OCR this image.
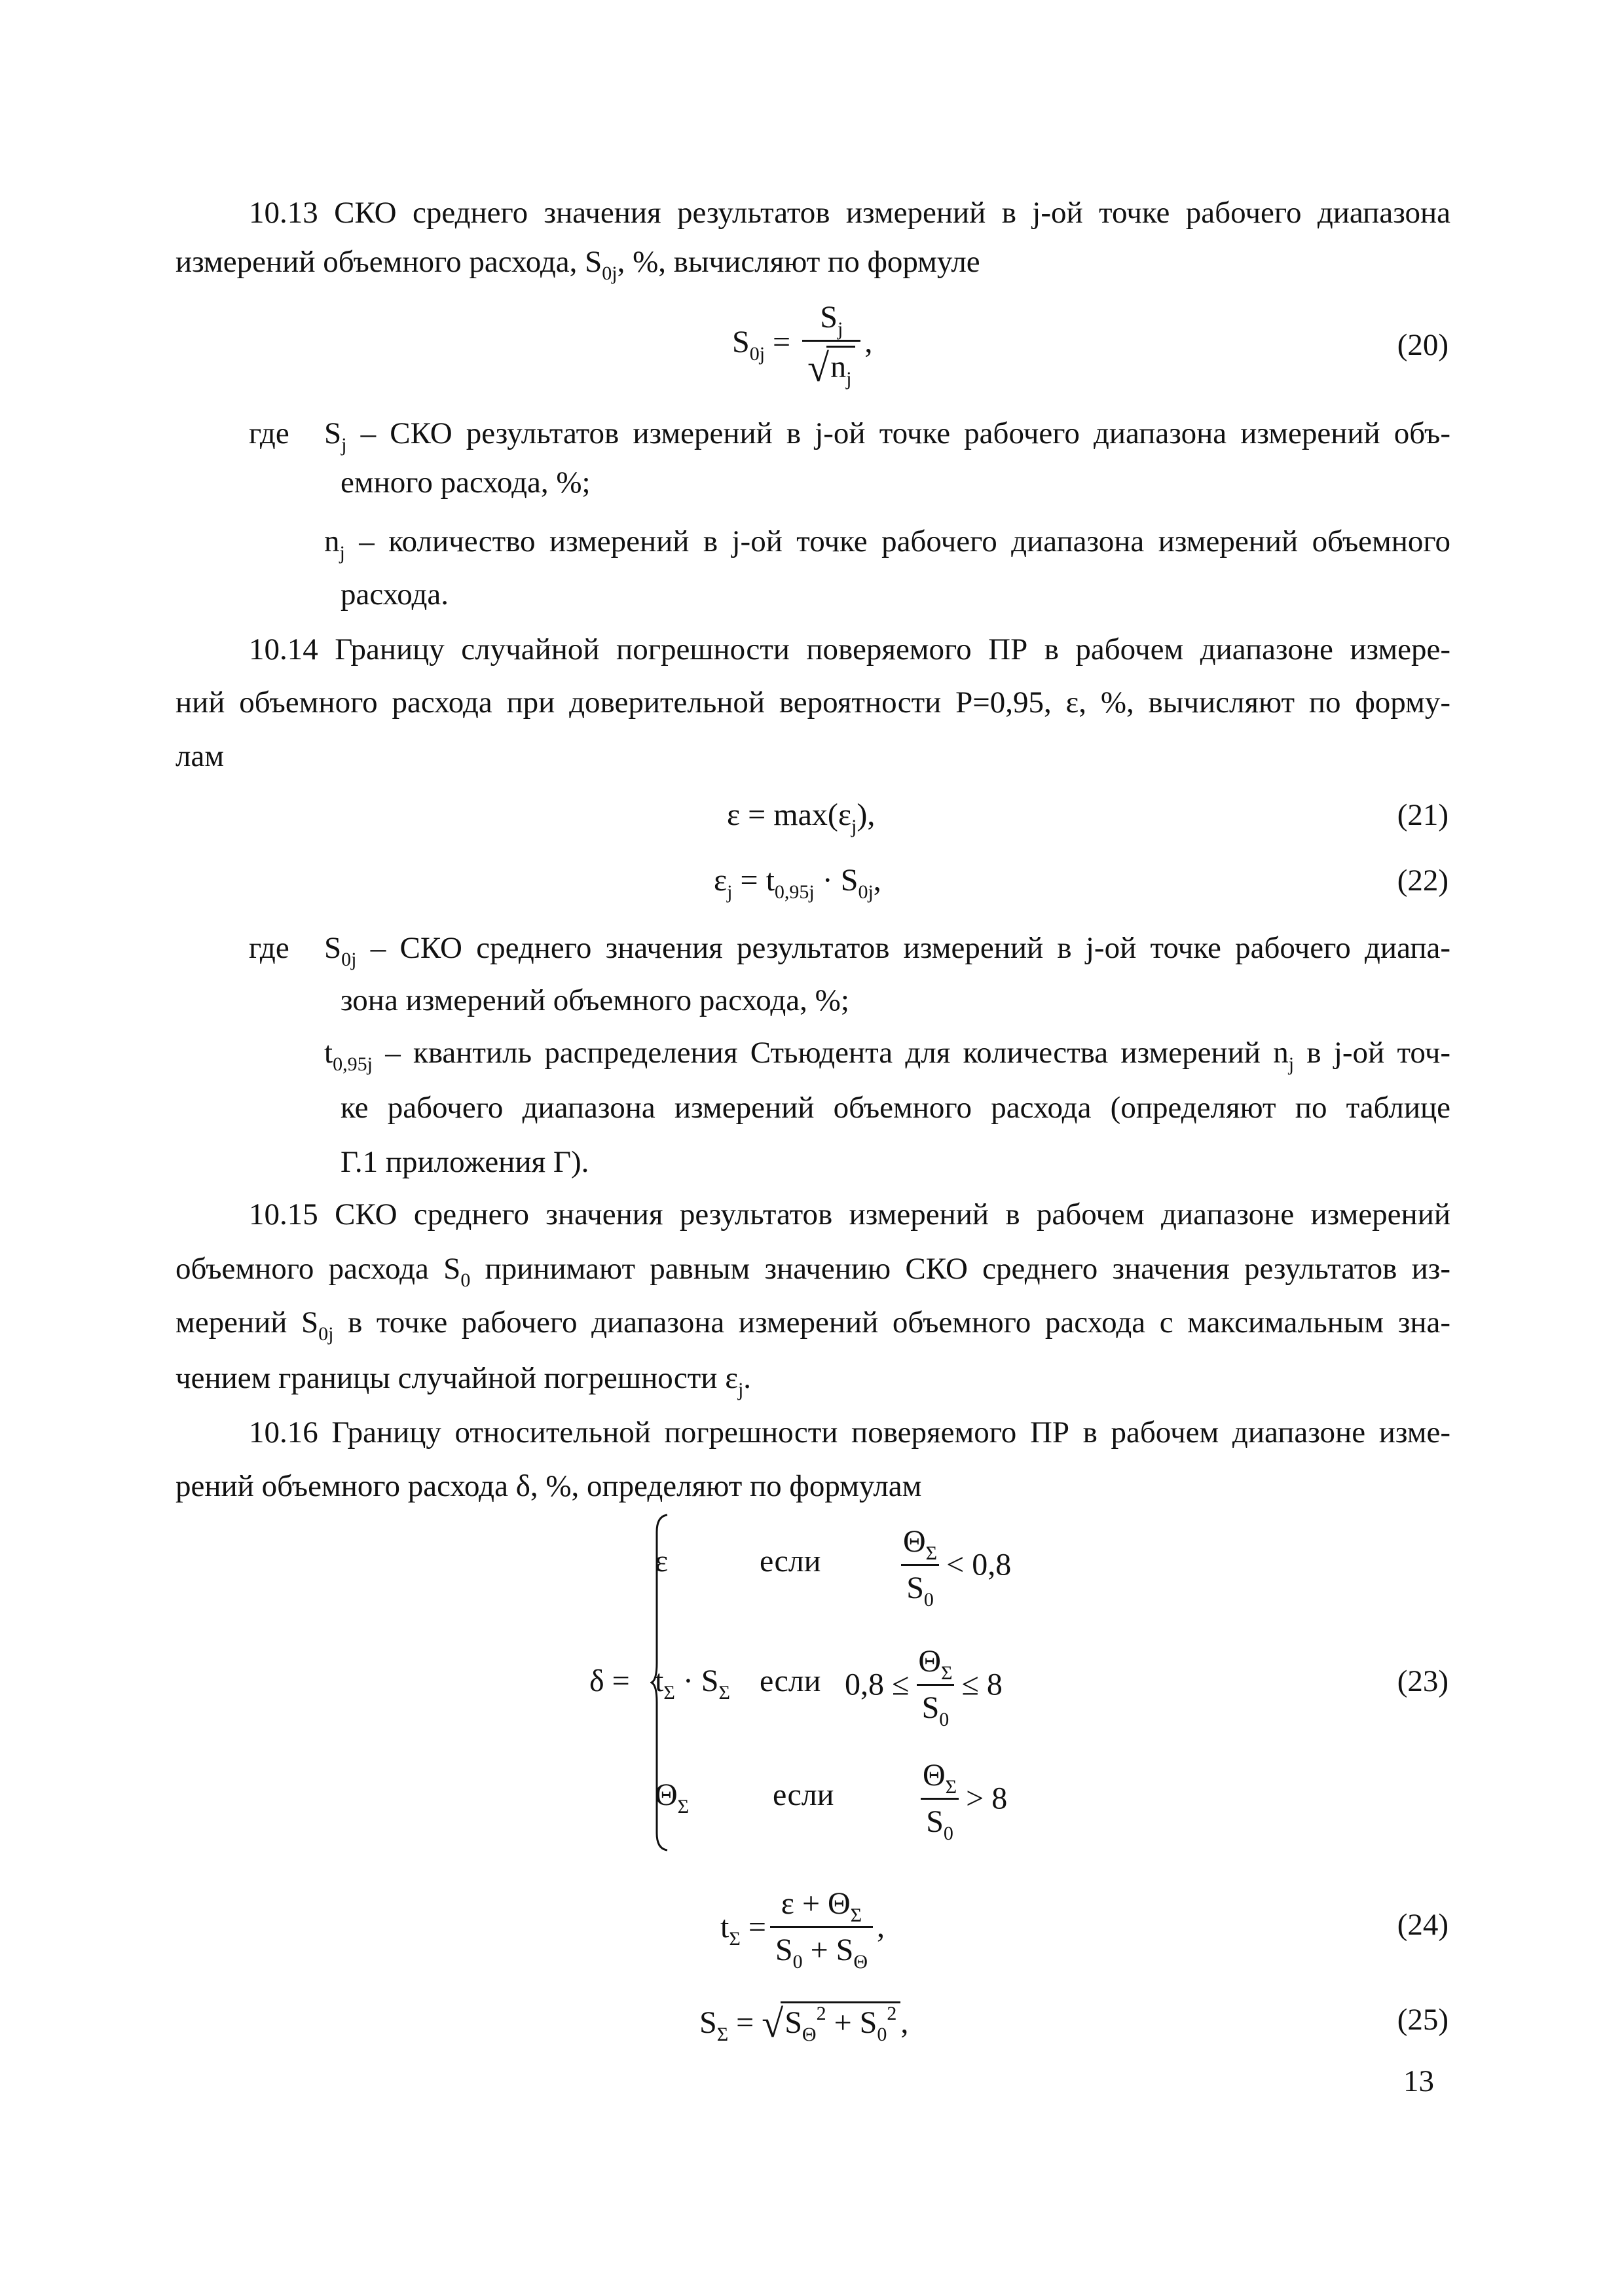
10.13 СКО среднего значения результатов измерений в j-ой точке рабочего диапазона
измерений объемного расхода, $S_{0j}$, %, вычисляют по формуле
$S_{0j} = \frac{S_j}{√n_j}$ ,	(20)
где $S_j$ – СКО результатов измерений в j-ой точке рабочего диапазона измерений объ-
емного расхода, %;
$n_j$ – количество измерений в j-ой точке рабочего диапазона измерений объемного
расхода.
10.14 Границу случайной погрешности поверяемого ПР в рабочем диапазоне измере-
ний объемного расхода при доверительной вероятности Р=0,95, ε, %, вычисляют по форму-
лам
$\varepsilon = \max(\varepsilon_j)$,	(21)
$\varepsilon_j = t_{0,95j} \cdot S_{0j}$,	(22)
где $S_{0j}$ – СКО среднего значения результатов измерений в j-ой точке рабочего диапа-
зона измерений объемного расхода, %;
$t_{0,95j}$ – квантиль распределения Стьюдента для количества измерений $n_j$ в j-ой точ-
ке рабочего диапазона измерений объемного расхода (определяют по таблице
Г.1 приложения Г).
10.15 СКО среднего значения результатов измерений в рабочем диапазоне измерений
объемного расхода $S_0$ принимают равным значению СКО среднего значения результатов из-
мерений $S_{0j}$ в точке рабочего диапазона измерений объемного расхода с максимальным зна-
чением границы случайной погрешности $\varepsilon_j$.
10.16 Границу относительной погрешности поверяемого ПР в рабочем диапазоне изме-
рений объемного расхода δ, %, определяют по формулам
δ =
ε	если $\frac{\Theta_\Sigma}{S_0} < 0,8$
$t_\Sigma \cdot S_\Sigma$ если $0,8 \le \frac{\Theta_\Sigma}{S_0} \le 8$	(23)
$\Theta_\Sigma$	если	$\frac{\Theta_\Sigma}{S_0} > 8$
$t_\Sigma = \frac{\varepsilon + \Theta_\Sigma}{S_0 + S_\Theta}$ ,	(24)
$S_\Sigma = √S_\Theta^2 + S_0^2$ ,	(25)
13
